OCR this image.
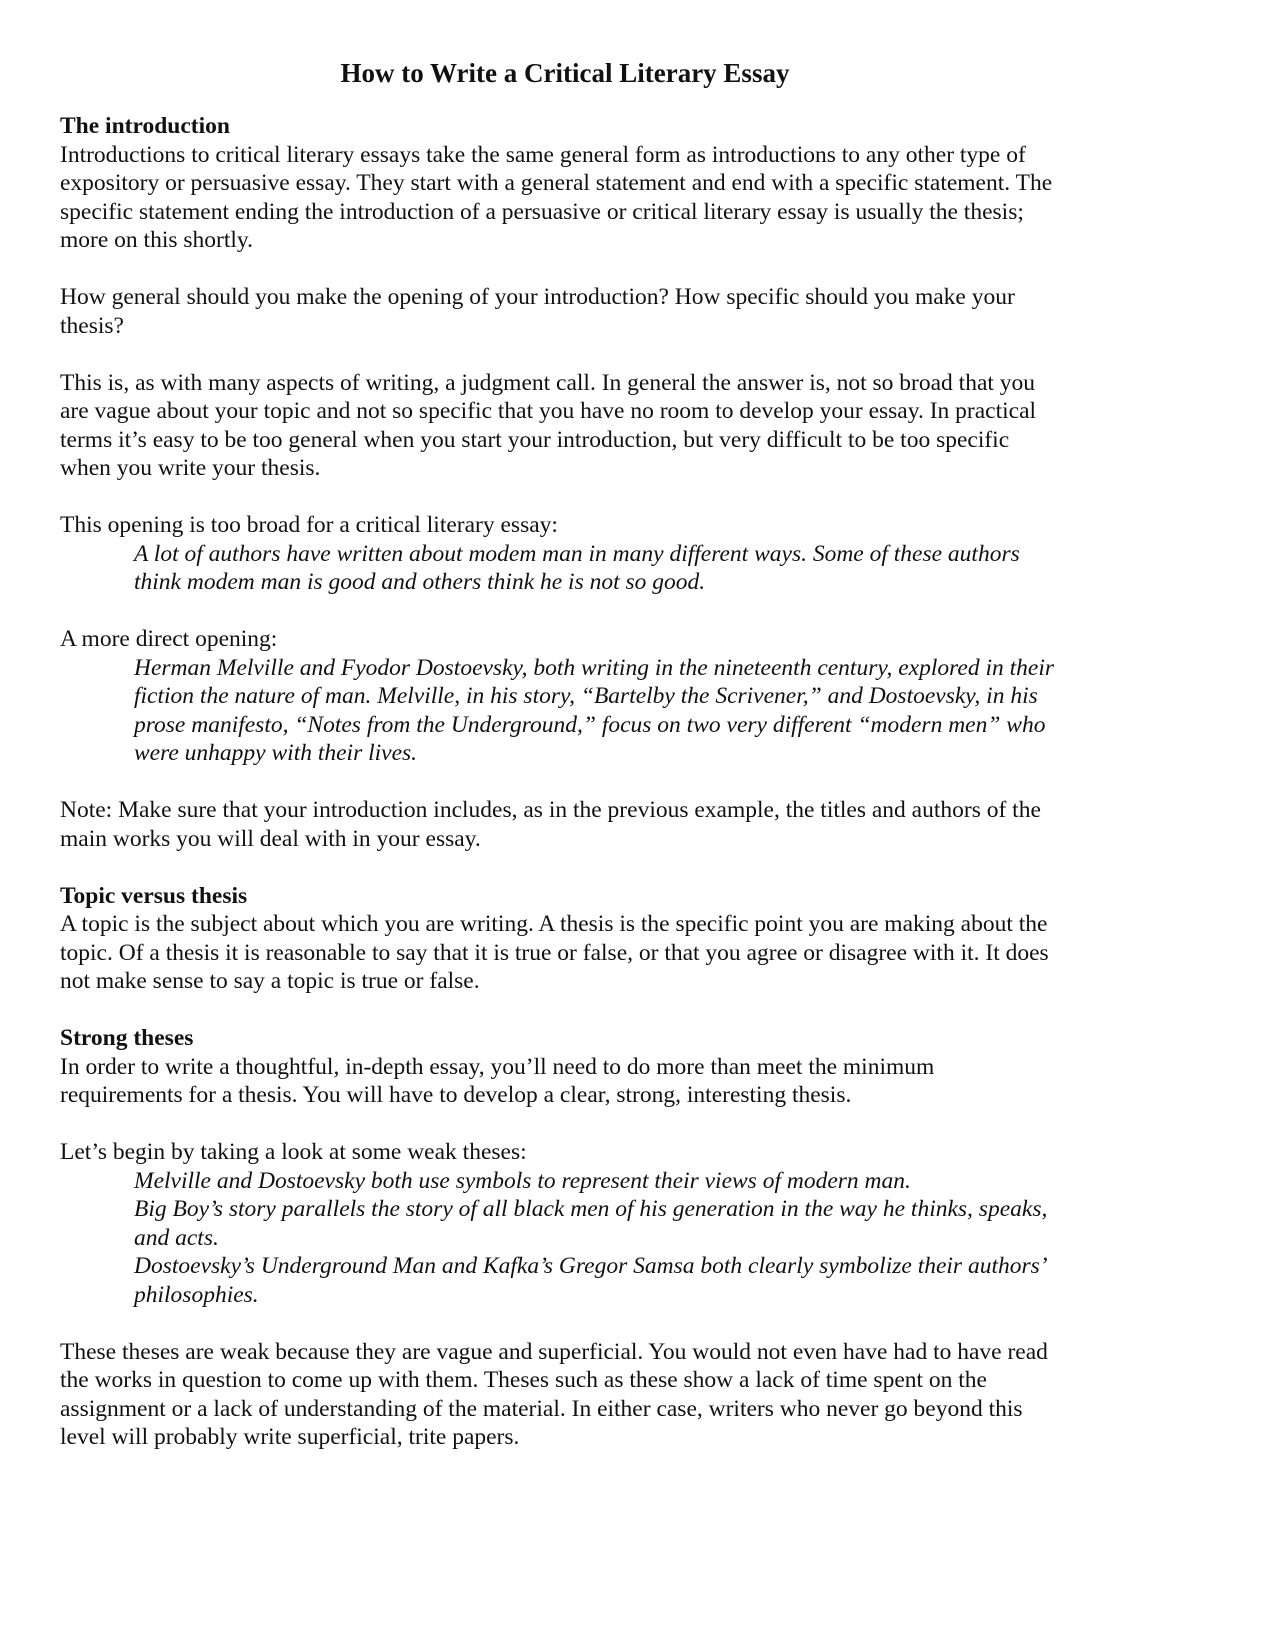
How to Write a Critical Literary Essay

The introduction

Introductions to critical literary essays take the same general form as introductions to any other type of expository or persuasive essay. They start with a general statement and end with a specific statement. The specific statement ending the introduction of a persuasive or critical literary essay is usually the thesis; more on this shortly.

How general should you make the opening of your introduction? How specific should you make your thesis?

This is, as with many aspects of writing, a judgment call. In general the answer is, not so broad that you are vague about your topic and not so specific that you have no room to develop your essay. In practical terms it’s easy to be too general when you start your introduction, but very difficult to be too specific when you write your thesis.

This opening is too broad for a critical literary essay:

A lot of authors have written about modem man in many different ways. Some of these authors think modem man is good and others think he is not so good.

A more direct opening:

Herman Melville and Fyodor Dostoevsky, both writing in the nineteenth century, explored in their fiction the nature of man. Melville, in his story, “Bartelby the Scrivener,” and Dostoevsky, in his prose manifesto, “Notes from the Underground,” focus on two very different “modern men” who were unhappy with their lives.

Note: Make sure that your introduction includes, as in the previous example, the titles and authors of the main works you will deal with in your essay.

Topic versus thesis

A topic is the subject about which you are writing. A thesis is the specific point you are making about the topic. Of a thesis it is reasonable to say that it is true or false, or that you agree or disagree with it. It does not make sense to say a topic is true or false.

Strong theses

In order to write a thoughtful, in-depth essay, you’ll need to do more than meet the minimum requirements for a thesis. You will have to develop a clear, strong, interesting thesis.

Let’s begin by taking a look at some weak theses:

Melville and Dostoevsky both use symbols to represent their views of modern man.

Big Boy’s story parallels the story of all black men of his generation in the way he thinks, speaks, and acts.

Dostoevsky’s Underground Man and Kafka’s Gregor Samsa both clearly symbolize their authors’ philosophies.

These theses are weak because they are vague and superficial. You would not even have had to have read the works in question to come up with them. Theses such as these show a lack of time spent on the assignment or a lack of understanding of the material. In either case, writers who never go beyond this level will probably write superficial, trite papers.
